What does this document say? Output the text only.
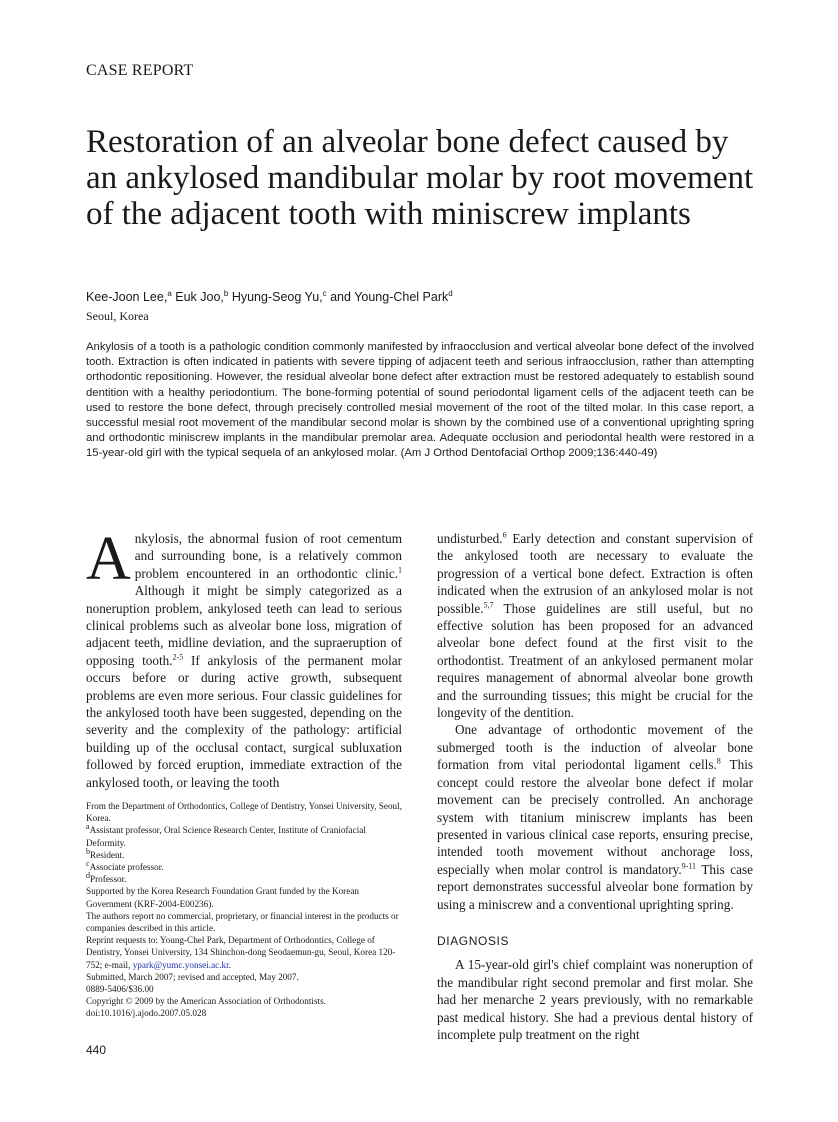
CASE REPORT
Restoration of an alveolar bone defect caused by an ankylosed mandibular molar by root movement of the adjacent tooth with miniscrew implants
Kee-Joon Lee,$^a$ Euk Joo,$^b$ Hyung-Seog Yu,$^c$ and Young-Chel Park$^d$
Seoul, Korea
Ankylosis of a tooth is a pathologic condition commonly manifested by infraocclusion and vertical alveolar bone defect of the involved tooth. Extraction is often indicated in patients with severe tipping of adjacent teeth and serious infraocclusion, rather than attempting orthodontic repositioning. However, the residual alveolar bone defect after extraction must be restored adequately to establish sound dentition with a healthy periodontium. The bone-forming potential of sound periodontal ligament cells of the adjacent teeth can be used to restore the bone defect, through precisely controlled mesial movement of the root of the tilted molar. In this case report, a successful mesial root movement of the mandibular second molar is shown by the combined use of a conventional uprighting spring and orthodontic miniscrew implants in the mandibular premolar area. Adequate occlusion and periodontal health were restored in a 15-year-old girl with the typical sequela of an ankylosed molar. (Am J Orthod Dentofacial Orthop 2009;136:440-49)

Ankylosis, the abnormal fusion of root cementum and surrounding bone, is a relatively common problem encountered in an orthodontic clinic.$^1$ Although it might be simply categorized as a noneruption problem, ankylosed teeth can lead to serious clinical problems such as alveolar bone loss, migration of adjacent teeth, midline deviation, and the supraeruption of opposing tooth.$^{2-5}$ If ankylosis of the permanent molar occurs before or during active growth, subsequent problems are even more serious. Four classic guidelines for the ankylosed tooth have been suggested, depending on the severity and the complexity of the pathology: artificial building up of the occlusal contact, surgical subluxation followed by forced eruption, immediate extraction of the ankylosed tooth, or leaving the tooth

From the Department of Orthodontics, College of Dentistry, Yonsei University, Seoul, Korea.
$^a$Assistant professor, Oral Science Research Center, Institute of Craniofacial Deformity.
$^b$Resident.
$^c$Associate professor.
$^d$Professor.
Supported by the Korea Research Foundation Grant funded by the Korean Government (KRF-2004-E00236).
The authors report no commercial, proprietary, or financial interest in the products or companies described in this article.
Reprint requests to: Young-Chel Park, Department of Orthodontics, College of Dentistry, Yonsei University, 134 Shinchon-dong Seodaemun-gu, Seoul, Korea 120-752; e-mail, ypark@yumc.yonsei.ac.kr.
Submitted, March 2007; revised and accepted, May 2007.
0889-5406/$36.00
Copyright © 2009 by the American Association of Orthodontists.
doi:10.1016/j.ajodo.2007.05.028

undisturbed.$^6$ Early detection and constant supervision of the ankylosed tooth are necessary to evaluate the progression of a vertical bone defect. Extraction is often indicated when the extrusion of an ankylosed molar is not possible.$^{5,7}$ Those guidelines are still useful, but no effective solution has been proposed for an advanced alveolar bone defect found at the first visit to the orthodontist. Treatment of an ankylosed permanent molar requires management of abnormal alveolar bone growth and the surrounding tissues; this might be crucial for the longevity of the dentition.

One advantage of orthodontic movement of the submerged tooth is the induction of alveolar bone formation from vital periodontal ligament cells.$^8$ This concept could restore the alveolar bone defect if molar movement can be precisely controlled. An anchorage system with titanium miniscrew implants has been presented in various clinical case reports, ensuring precise, intended tooth movement without anchorage loss, especially when molar control is mandatory.$^{9-11}$ This case report demonstrates successful alveolar bone formation by using a miniscrew and a conventional uprighting spring.

DIAGNOSIS

A 15-year-old girl's chief complaint was noneruption of the mandibular right second premolar and first molar. She had her menarche 2 years previously, with no remarkable past medical history. She had a previous dental history of incomplete pulp treatment on the right

440
